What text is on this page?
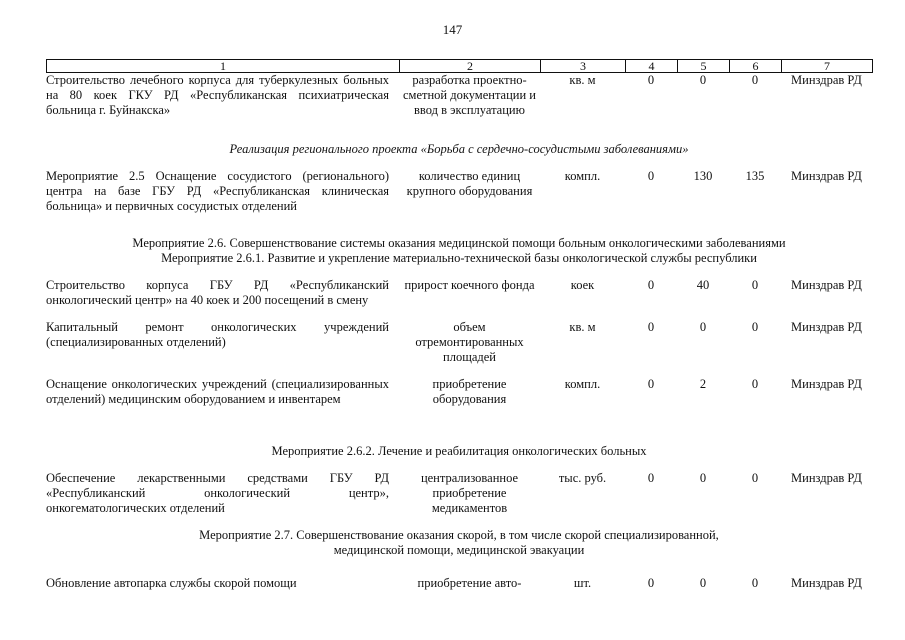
147
1	2	3	4	5	6	7
Строительство лечебного корпуса для туберкулезных больных на 80 коек ГКУ РД «Республиканская психиатрическая больница г. Буйнакска»	разработка проектно-сметной документации и ввод в эксплуатацию	кв. м	0	0	0	Минздрав РД

Реализация регионального проекта «Борьба с сердечно-сосудистыми заболеваниями»						

Мероприятие 2.5 Оснащение сосудистого (регионального) центра на базе ГБУ РД «Республиканская клиническая больница» и первичных сосудистых отделений	количество единиц крупного оборудования	компл.	0	130	135	Минздрав РД

Мероприятие 2.6. Совершенствование системы оказания медицинской помощи больным онкологическими заболеваниями
Мероприятие 2.6.1. Развитие и укрепление материально-технической базы онкологической службы республики						

Строительство корпуса ГБУ РД «Республиканский онкологический центр» на 40 коек и 200 посещений в смену	прирост коечного фонда	коек	0	40	0	Минздрав РД

Капитальный ремонт онкологических учреждений (специализированных отделений)	объем отремонтированных площадей	кв. м	0	0	0	Минздрав РД

Оснащение онкологических учреждений (специализированных отделений) медицинским оборудованием и инвентарем	приобретение оборудования	компл.	0	2	0	Минздрав РД

Мероприятие 2.6.2. Лечение и реабилитация онкологических больных						

Обеспечение лекарственными средствами ГБУ РД «Республиканский онкологический центр», онкогематологических отделений	централизованное приобретение медикаментов	тыс. руб.	0	0	0	Минздрав РД

Мероприятие 2.7. Совершенствование оказания скорой, в том числе скорой специализированной,
медицинской помощи, медицинской эвакуации						

Обновление автопарка службы скорой помощи	приобретение авто-	шт.	0	0	0	Минздрав РД
